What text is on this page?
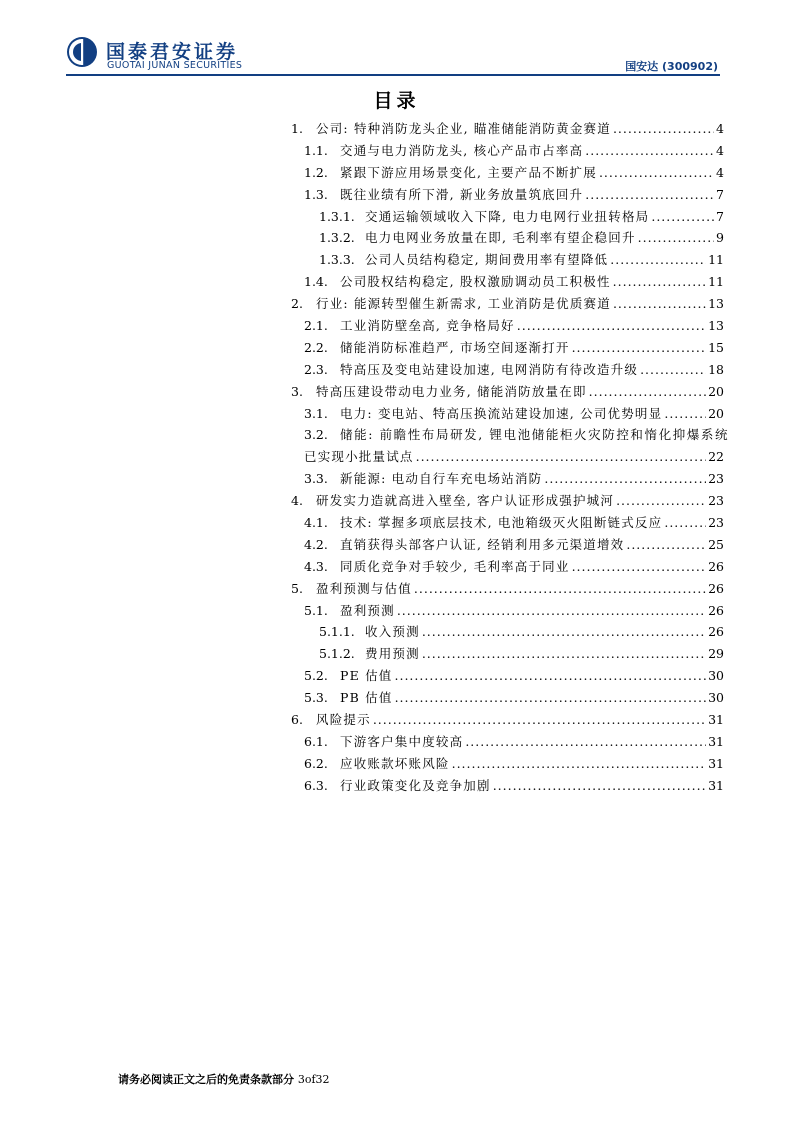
国泰君安证券
GUOTAI JUNAN SECURITIES	国安达 (300902)
目录
1.	公司: 特种消防龙头企业, 瞄准储能消防黄金赛道 .....	4
1.1. 交通与电力消防龙头, 核心产品市占率高 .....	4
1.2. 紧跟下游应用场景变化, 主要产品不断扩展 .....	4
1.3. 既往业绩有所下滑, 新业务放量筑底回升 .....	7
1.3.1. 交通运输领域收入下降, 电力电网行业扭转格局 .....	7
1.3.2. 电力电网业务放量在即, 毛利率有望企稳回升 .....	9
1.3.3. 公司人员结构稳定, 期间费用率有望降低 .....	11
1.4. 公司股权结构稳定, 股权激励调动员工积极性 .....	11
2.	行业: 能源转型催生新需求, 工业消防是优质赛道 .....	13
2.1. 工业消防壁垒高, 竞争格局好 .....	13
2.2. 储能消防标准趋严, 市场空间逐渐打开 .....	15
2.3. 特高压及变电站建设加速, 电网消防有待改造升级 .....	18
3.	特高压建设带动电力业务, 储能消防放量在即 .....	20
3.1. 电力: 变电站、特高压换流站建设加速, 公司优势明显 .....	20
3.2. 储能: 前瞻性布局研发, 锂电池储能柜火灾防控和惰化抑爆系统
已实现小批量试点 .....	22
3.3. 新能源: 电动自行车充电场站消防 .....	23
4.	研发实力造就高进入壁垒, 客户认证形成强护城河 .....	23
4.1. 技术: 掌握多项底层技术, 电池箱级灭火阻断链式反应 .....	23
4.2. 直销获得头部客户认证, 经销利用多元渠道增效 .....	25
4.3. 同质化竞争对手较少, 毛利率高于同业 .....	26
5.	盈利预测与估值 .....	26
5.1. 盈利预测 .....	26
5.1.1. 收入预测 .....	26
5.1.2. 费用预测 .....	29
5.2. PE 估值 .....	30
5.3. PB 估值 .....	30
6.	风险提示 .....	31
6.1. 下游客户集中度较高 .....	31
6.2. 应收账款坏账风险 .....	31
6.3. 行业政策变化及竞争加剧 .....	31
请务必阅读正文之后的免责条款部分 3of32
